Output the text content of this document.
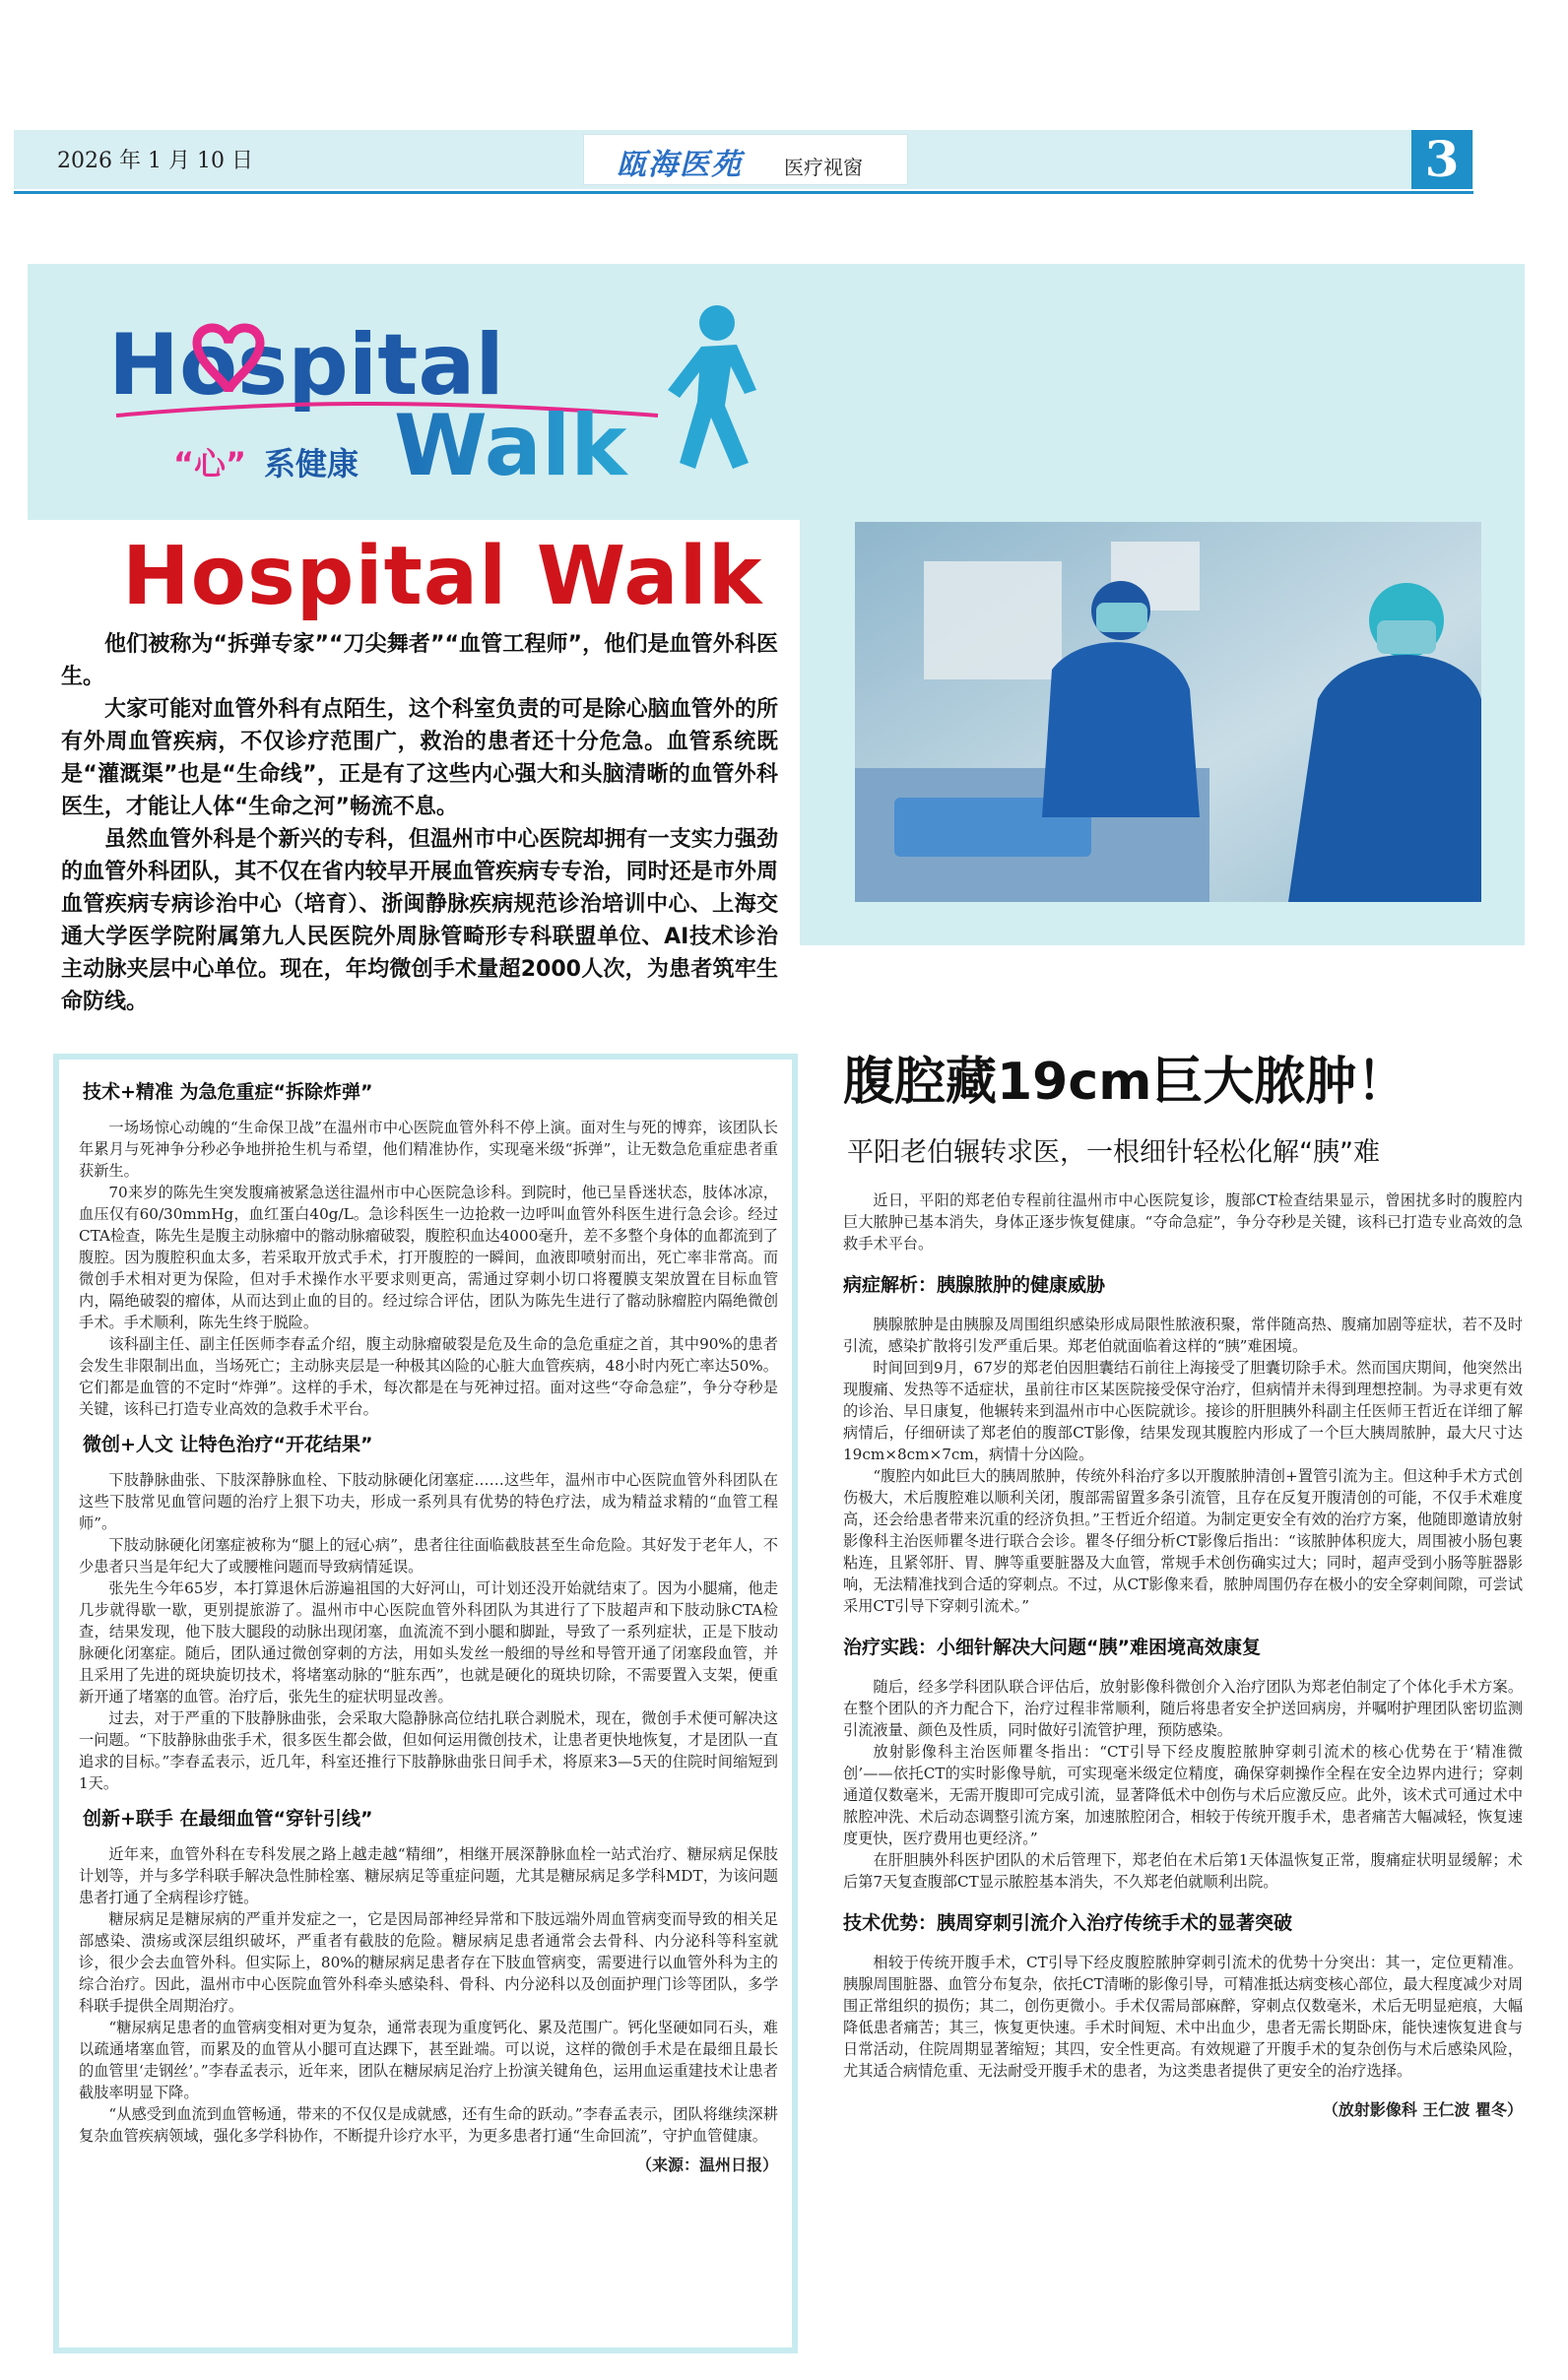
2026 年 1 月 10 日	瓯海医苑 医疗视窗	3
Hospital
“心” 系健康 Walk
Hospital Walk

他们被称为“拆弹专家”“刀尖舞者”“血管工程师”，他们是血管外科医生。

大家可能对血管外科有点陌生，这个科室负责的可是除心脑血管外的所有外周血管疾病，不仅诊疗范围广，救治的患者还十分危急。血管系统既是“灌溉渠”也是“生命线”，正是有了这些内心强大和头脑清晰的血管外科医生，才能让人体“生命之河”畅流不息。

虽然血管外科是个新兴的专科，但温州市中心医院却拥有一支实力强劲的血管外科团队，其不仅在省内较早开展血管疾病专专治，同时还是市外周血管疾病专病诊治中心（培育）、浙闽静脉疾病规范诊治培训中心、上海交通大学医学院附属第九人民医院外周脉管畸形专科联盟单位、AI技术诊治主动脉夹层中心单位。现在，年均微创手术量超2000人次，为患者筑牢生命防线。

技术+精准 为急危重症“拆除炸弹”

一场场惊心动魄的“生命保卫战”在温州市中心医院血管外科不停上演。面对生与死的博弈，该团队长年累月与死神争分秒必争地拼抢生机与希望，他们精准协作，实现毫米级“拆弹”，让无数急危重症患者重获新生。

70来岁的陈先生突发腹痛被紧急送往温州市中心医院急诊科。到院时，他已呈昏迷状态，肢体冰凉，血压仅有60/30mmHg，血红蛋白40g/L。急诊科医生一边抢救一边呼叫血管外科医生进行急会诊。经过CTA检查，陈先生是腹主动脉瘤中的髂动脉瘤破裂，腹腔积血达4000毫升，差不多整个身体的血都流到了腹腔。因为腹腔积血太多，若采取开放式手术，打开腹腔的一瞬间，血液即喷射而出，死亡率非常高。而微创手术相对更为保险，但对手术操作水平要求则更高，需通过穿刺小切口将覆膜支架放置在目标血管内，隔绝破裂的瘤体，从而达到止血的目的。经过综合评估，团队为陈先生进行了髂动脉瘤腔内隔绝微创手术。手术顺利，陈先生终于脱险。

该科副主任、副主任医师李春孟介绍，腹主动脉瘤破裂是危及生命的急危重症之首，其中90%的患者会发生非限制出血，当场死亡；主动脉夹层是一种极其凶险的心脏大血管疾病，48小时内死亡率达50%。它们都是血管的不定时“炸弹”。这样的手术，每次都是在与死神过招。面对这些“夺命急症”，争分夺秒是关键，该科已打造专业高效的急救手术平台。

微创+人文 让特色治疗“开花结果”

下肢静脉曲张、下肢深静脉血栓、下肢动脉硬化闭塞症……这些年，温州市中心医院血管外科团队在这些下肢常见血管问题的治疗上狠下功夫，形成一系列具有优势的特色疗法，成为精益求精的“血管工程师”。

下肢动脉硬化闭塞症被称为“腿上的冠心病”，患者往往面临截肢甚至生命危险。其好发于老年人，不少患者只当是年纪大了或腰椎问题而导致病情延误。

张先生今年65岁，本打算退休后游遍祖国的大好河山，可计划还没开始就结束了。因为小腿痛，他走几步就得歇一歇，更别提旅游了。温州市中心医院血管外科团队为其进行了下肢超声和下肢动脉CTA检查，结果发现，他下肢大腿段的动脉出现闭塞，血流流不到小腿和脚趾，导致了一系列症状，正是下肢动脉硬化闭塞症。随后，团队通过微创穿刺的方法，用如头发丝一般细的导丝和导管开通了闭塞段血管，并且采用了先进的斑块旋切技术，将堵塞动脉的“脏东西”，也就是硬化的斑块切除，不需要置入支架，便重新开通了堵塞的血管。治疗后，张先生的症状明显改善。

过去，对于严重的下肢静脉曲张，会采取大隐静脉高位结扎联合剥脱术，现在，微创手术便可解决这一问题。“下肢静脉曲张手术，很多医生都会做，但如何运用微创技术，让患者更快地恢复，才是团队一直追求的目标。”李春孟表示，近几年，科室还推行下肢静脉曲张日间手术，将原来3—5天的住院时间缩短到1天。

创新+联手 在最细血管“穿针引线”

近年来，血管外科在专科发展之路上越走越“精细”，相继开展深静脉血栓一站式治疗、糖尿病足保肢计划等，并与多学科联手解决急性肺栓塞、糖尿病足等重症问题，尤其是糖尿病足多学科MDT，为该问题患者打通了全病程诊疗链。

糖尿病足是糖尿病的严重并发症之一，它是因局部神经异常和下肢远端外周血管病变而导致的相关足部感染、溃疡或深层组织破坏，严重者有截肢的危险。糖尿病足患者通常会去骨科、内分泌科等科室就诊，很少会去血管外科。但实际上，80%的糖尿病足患者存在下肢血管病变，需要进行以血管外科为主的综合治疗。因此，温州市中心医院血管外科牵头感染科、骨科、内分泌科以及创面护理门诊等团队，多学科联手提供全周期治疗。

“糖尿病足患者的血管病变相对更为复杂，通常表现为重度钙化、累及范围广。钙化坚硬如同石头，难以疏通堵塞血管，而累及的血管从小腿可直达踝下，甚至趾端。可以说，这样的微创手术是在最细且最长的血管里‘走钢丝’。”李春孟表示，近年来，团队在糖尿病足治疗上扮演关键角色，运用血运重建技术让患者截肢率明显下降。

“从感受到血流到血管畅通，带来的不仅仅是成就感，还有生命的跃动。”李春孟表示，团队将继续深耕复杂血管疾病领域，强化多学科协作，不断提升诊疗水平，为更多患者打通“生命回流”，守护血管健康。

（来源：温州日报）
腹腔藏19cm巨大脓肿！
平阳老伯辗转求医，一根细针轻松化解“胰”难

近日，平阳的郑老伯专程前往温州市中心医院复诊，腹部CT检查结果显示，曾困扰多时的腹腔内巨大脓肿已基本消失，身体正逐步恢复健康。“夺命急症”，争分夺秒是关键，该科已打造专业高效的急救手术平台。

病症解析：胰腺脓肿的健康威胁

胰腺脓肿是由胰腺及周围组织感染形成局限性脓液积聚，常伴随高热、腹痛加剧等症状，若不及时引流，感染扩散将引发严重后果。郑老伯就面临着这样的“胰”难困境。

时间回到9月，67岁的郑老伯因胆囊结石前往上海接受了胆囊切除手术。然而国庆期间，他突然出现腹痛、发热等不适症状，虽前往市区某医院接受保守治疗，但病情并未得到理想控制。为寻求更有效的诊治、早日康复，他辗转来到温州市中心医院就诊。接诊的肝胆胰外科副主任医师王哲近在详细了解病情后，仔细研读了郑老伯的腹部CT影像，结果发现其腹腔内形成了一个巨大胰周脓肿，最大尺寸达19cm×8cm×7cm，病情十分凶险。

“腹腔内如此巨大的胰周脓肿，传统外科治疗多以开腹脓肿清创+置管引流为主。但这种手术方式创伤极大，术后腹腔难以顺利关闭，腹部需留置多条引流管，且存在反复开腹清创的可能，不仅手术难度高，还会给患者带来沉重的经济负担。”王哲近介绍道。为制定更安全有效的治疗方案，他随即邀请放射影像科主治医师瞿冬进行联合会诊。瞿冬仔细分析CT影像后指出：“该脓肿体积庞大，周围被小肠包裹粘连，且紧邻肝、胃、脾等重要脏器及大血管，常规手术创伤确实过大；同时，超声受到小肠等脏器影响，无法精准找到合适的穿刺点。不过，从CT影像来看，脓肿周围仍存在极小的安全穿刺间隙，可尝试采用CT引导下穿刺引流术。”

治疗实践：小细针解决大问题“胰”难困境高效康复

随后，经多学科团队联合评估后，放射影像科微创介入治疗团队为郑老伯制定了个体化手术方案。在整个团队的齐力配合下，治疗过程非常顺利，随后将患者安全护送回病房，并嘱咐护理团队密切监测引流液量、颜色及性质，同时做好引流管护理，预防感染。

放射影像科主治医师瞿冬指出：“CT引导下经皮腹腔脓肿穿刺引流术的核心优势在于‘精准微创’——依托CT的实时影像导航，可实现毫米级定位精度，确保穿刺操作全程在安全边界内进行；穿刺通道仅数毫米，无需开腹即可完成引流，显著降低术中创伤与术后应激反应。此外，该术式可通过术中脓腔冲洗、术后动态调整引流方案，加速脓腔闭合，相较于传统开腹手术，患者痛苦大幅减轻，恢复速度更快，医疗费用也更经济。”

在肝胆胰外科医护团队的术后管理下，郑老伯在术后第1天体温恢复正常，腹痛症状明显缓解；术后第7天复查腹部CT显示脓腔基本消失，不久郑老伯就顺利出院。

技术优势：胰周穿刺引流介入治疗传统手术的显著突破

相较于传统开腹手术，CT引导下经皮腹腔脓肿穿刺引流术的优势十分突出：其一，定位更精准。胰腺周围脏器、血管分布复杂，依托CT清晰的影像引导，可精准抵达病变核心部位，最大程度减少对周围正常组织的损伤；其二，创伤更微小。手术仅需局部麻醉，穿刺点仅数毫米，术后无明显疤痕，大幅降低患者痛苦；其三，恢复更快速。手术时间短、术中出血少，患者无需长期卧床，能快速恢复进食与日常活动，住院周期显著缩短；其四，安全性更高。有效规避了开腹手术的复杂创伤与术后感染风险，尤其适合病情危重、无法耐受开腹手术的患者，为这类患者提供了更安全的治疗选择。

（放射影像科 王仁波 瞿冬）
